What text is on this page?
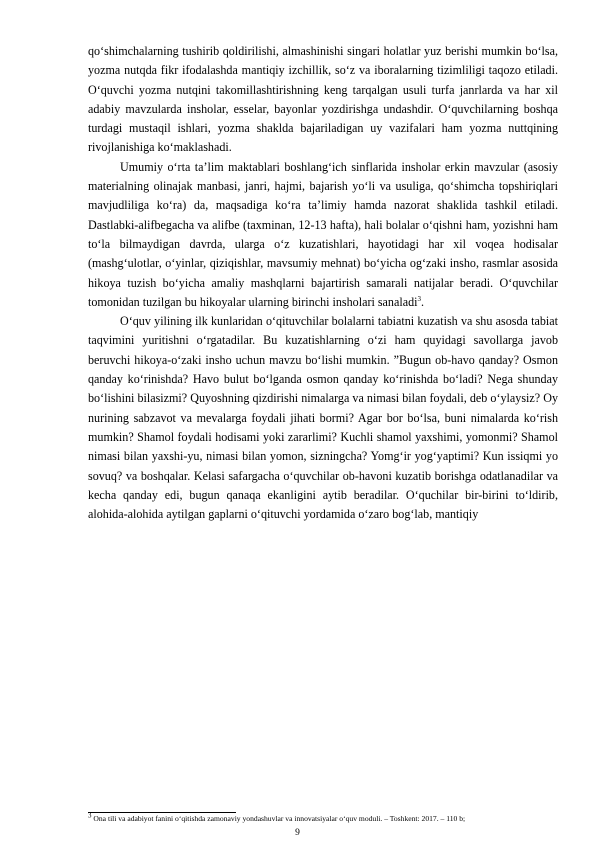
qo‘shimchalarning tushirib qoldirilishi, almashinishi singari holatlar yuz berishi mumkin bo‘lsa, yozma nutqda fikr ifodalashda mantiqiy izchillik, so‘z va iboralarning tizimliligi taqozo etiladi. O‘quvchi yozma nutqini takomillashtirishning keng tarqalgan usuli turfa janrlarda va har xil adabiy mavzularda insholar, esselar, bayonlar yozdirishga undashdir. O‘quvchilarning boshqa turdagi mustaqil ishlari, yozma shaklda bajariladigan uy vazifalari ham yozma nuttqining rivojlanishiga ko‘maklashadi.

Umumiy o‘rta ta’lim maktablari boshlang‘ich sinflarida insholar erkin mavzular (asosiy materialning olinajak manbasi, janri, hajmi, bajarish yo‘li va usuliga, qo‘shimcha topshiriqlari mavjudliliga ko‘ra) da, maqsadiga ko‘ra ta’limiy hamda nazorat shaklida tashkil etiladi. Dastlabki-alifbegacha va alifbe (taxminan, 12-13 hafta), hali bolalar o‘qishni ham, yozishni ham to‘la bilmaydigan davrda, ularga o‘z kuzatishlari, hayotidagi har xil voqea hodisalar (mashg‘ulotlar, o‘yinlar, qiziqishlar, mavsumiy mehnat) bo‘yicha og‘zaki insho, rasmlar asosida hikoya tuzish bo‘yicha amaliy mashqlarni bajartirish samarali natijalar beradi. O‘quvchilar tomonidan tuzilgan bu hikoyalar ularning birinchi insholari sanaladi$^3$.

O‘quv yilining ilk kunlaridan o‘qituvchilar bolalarni tabiatni kuzatish va shu asosda tabiat taqvimini yuritishni o‘rgatadilar. Bu kuzatishlarning o‘zi ham quyidagi savollarga javob beruvchi hikoya-o‘zaki insho uchun mavzu bo‘lishi mumkin. ”Bugun ob-havo qanday? Osmon qanday ko‘rinishda? Havo bulut bo‘lganda osmon qanday ko‘rinishda bo‘ladi? Nega shunday bo‘lishini bilasizmi? Quyoshning qizdirishi nimalarga va nimasi bilan foydali, deb o‘ylaysiz? Oy nurining sabzavot va mevalarga foydali jihati bormi? Agar bor bo‘lsa, buni nimalarda ko‘rish mumkin? Shamol foydali hodisami yoki zararlimi? Kuchli shamol yaxshimi, yomonmi? Shamol nimasi bilan yaxshi-yu, nimasi bilan yomon, sizningcha? Yomg‘ir yog‘yaptimi? Kun issiqmi yo sovuq? va boshqalar. Kelasi safargacha o‘quvchilar ob-havoni kuzatib borishga odatlanadilar va kecha qanday edi, bugun qanaqa ekanligini aytib beradilar. O‘quchilar bir-birini to‘ldirib, alohida-alohida aytilgan gaplarni o‘qituvchi yordamida o‘zaro bog‘lab, mantiqiy

$^3$ Ona tili va adabiyot fanini o‘qitishda zamonaviy yondashuvlar va innovatsiyalar o‘quv moduli. – Toshkent: 2017. – 110 b;
9
